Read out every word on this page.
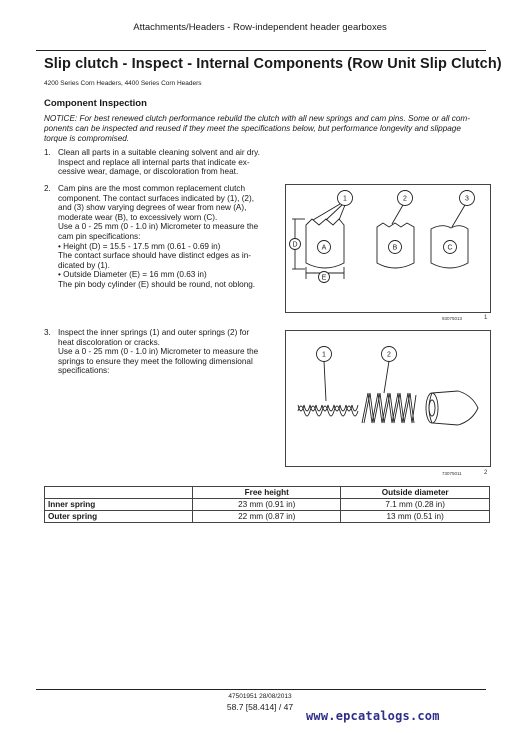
Attachments/Headers - Row-independent header gearboxes
Slip clutch - Inspect - Internal Components (Row Unit Slip Clutch)
4200 Series Corn Headers, 4400 Series Corn Headers
Component Inspection
NOTICE: For best renewed clutch performance rebuild the clutch with all new springs and cam pins. Some or all com-
ponents can be inspected and reused if they meet the specifications below, but performance longevity and slippage
torque is compromised.
1. Clean all parts in a suitable cleaning solvent and air dry.
Inspect and replace all internal parts that indicate ex-
cessive wear, damage, or discoloration from heat.
2. Cam pins are the most common replacement clutch
component. The contact surfaces indicated by (1), (2),
and (3) show varying degrees of wear from new (A),
moderate wear (B), to excessively worn (C).
Use a 0 - 25 mm (0 - 1.0 in) Micrometer to measure the
cam pin specifications:
• Height (D) = 15.5 - 17.5 mm (0.61 - 0.69 in)
The contact surface should have distinct edges as in-
dicated by (1).
• Outside Diameter (E) = 16 mm (0.63 in)
The pin body cylinder (E) should be round, not oblong.
1	2	3
A	B	C
D
E
93075013	1
3. Inspect the inner springs (1) and outer springs (2) for
heat discoloration or cracks.
Use a 0 - 25 mm (0 - 1.0 in) Micrometer to measure the
springs to ensure they meet the following dimensional
specifications:
1	2
73075011	2
	Free height	Outside diameter
Inner spring	23 mm (0.91 in)	7.1 mm (0.28 in)
Outer spring	22 mm (0.87 in)	13 mm (0.51 in)
47501951 28/08/2013
58.7 [58.414] / 47
www.epcatalogs.com
